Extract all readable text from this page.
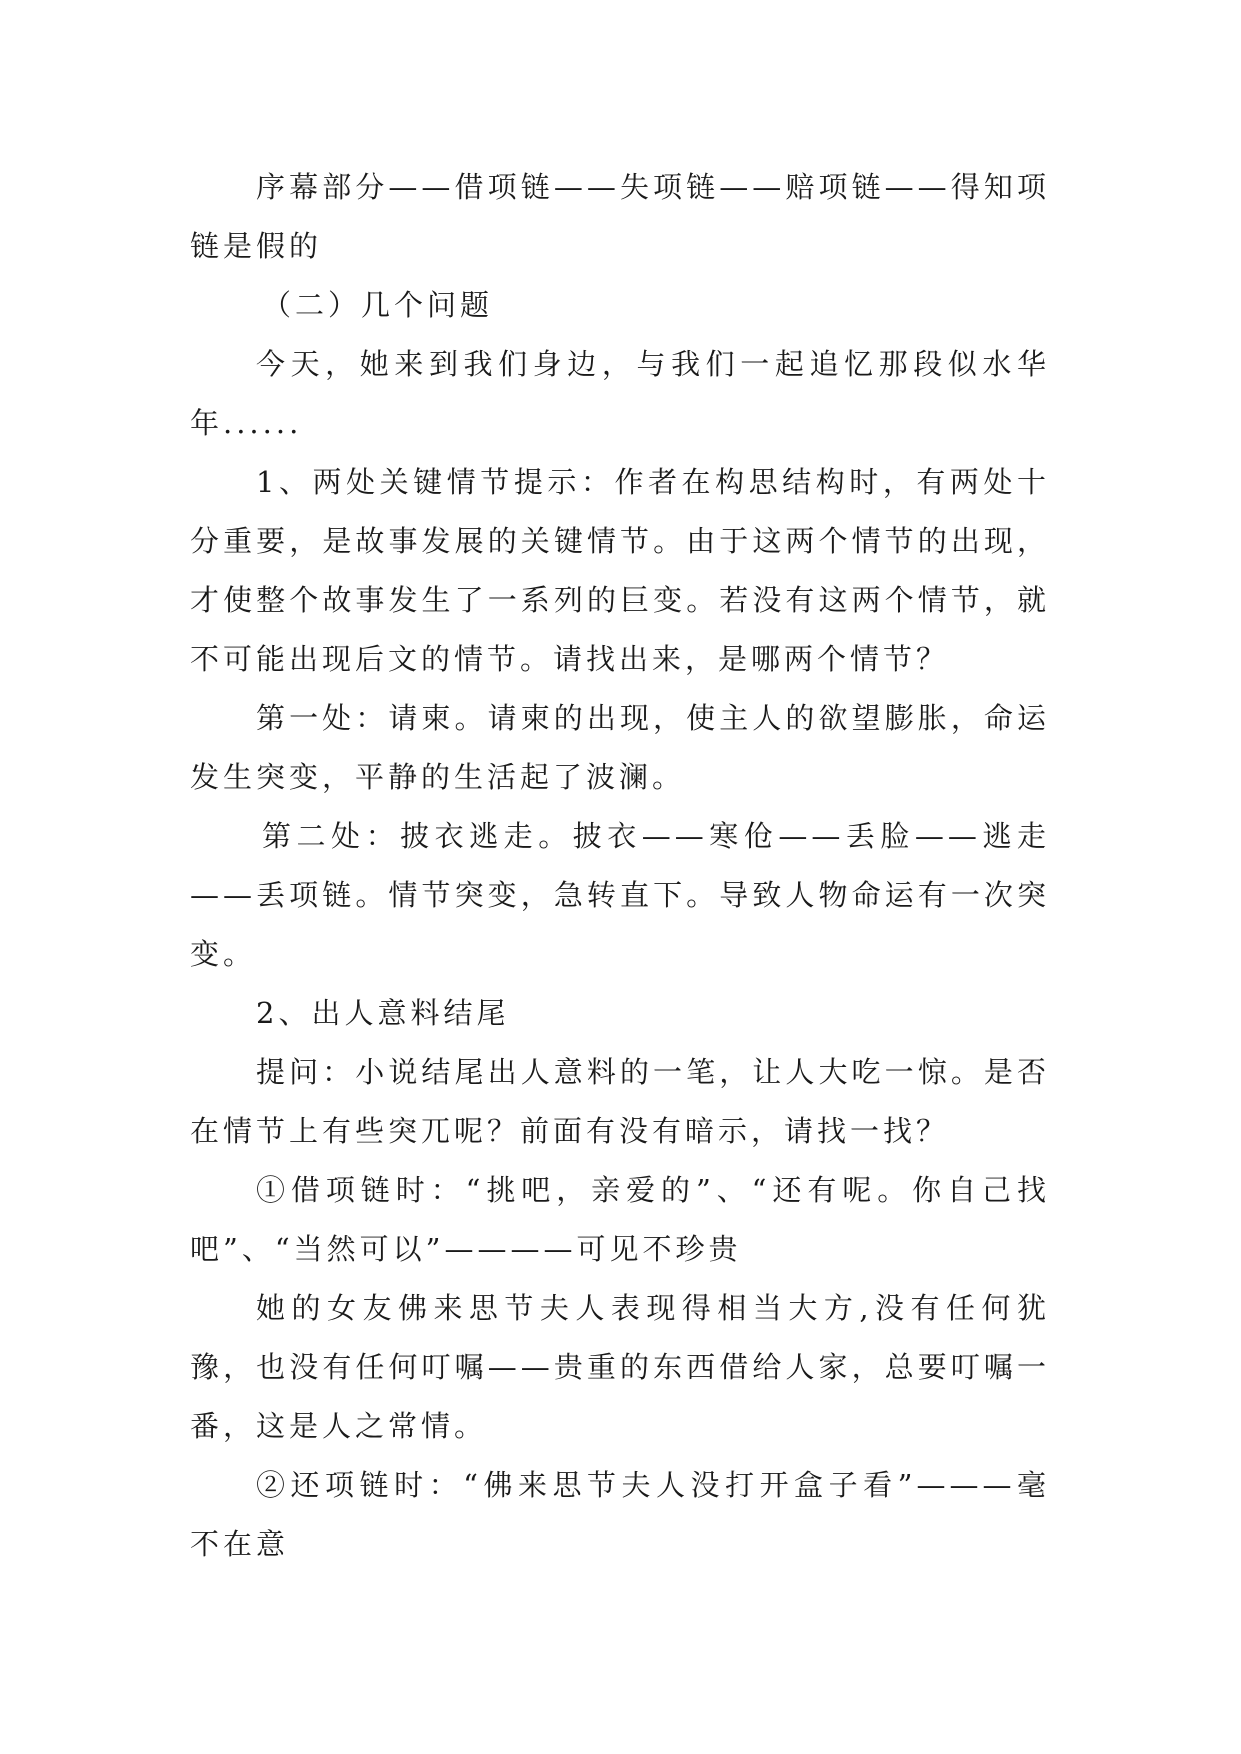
序幕部分——借项链——失项链——赔项链——得知项链是假的

（二）几个问题

今天，她来到我们身边，与我们一起追忆那段似水华年......

1、两处关键情节提示：作者在构思结构时，有两处十分重要，是故事发展的关键情节。由于这两个情节的出现，才使整个故事发生了一系列的巨变。若没有这两个情节，就不可能出现后文的情节。请找出来，是哪两个情节？

第一处：请柬。请柬的出现，使主人的欲望膨胀，命运发生突变，平静的生活起了波澜。

第二处：披衣逃走。披衣——寒伧——丢脸——逃走——丢项链。情节突变，急转直下。导致人物命运有一次突变。

2、出人意料结尾

提问：小说结尾出人意料的一笔，让人大吃一惊。是否在情节上有些突兀呢？前面有没有暗示，请找一找？

①借项链时：“挑吧，亲爱的”、“还有呢。你自己找吧”、“当然可以”————可见不珍贵

她的女友佛来思节夫人表现得相当大方,没有任何犹豫，也没有任何叮嘱——贵重的东西借给人家，总要叮嘱一番，这是人之常情。

②还项链时：“佛来思节夫人没打开盒子看”———毫不在意
